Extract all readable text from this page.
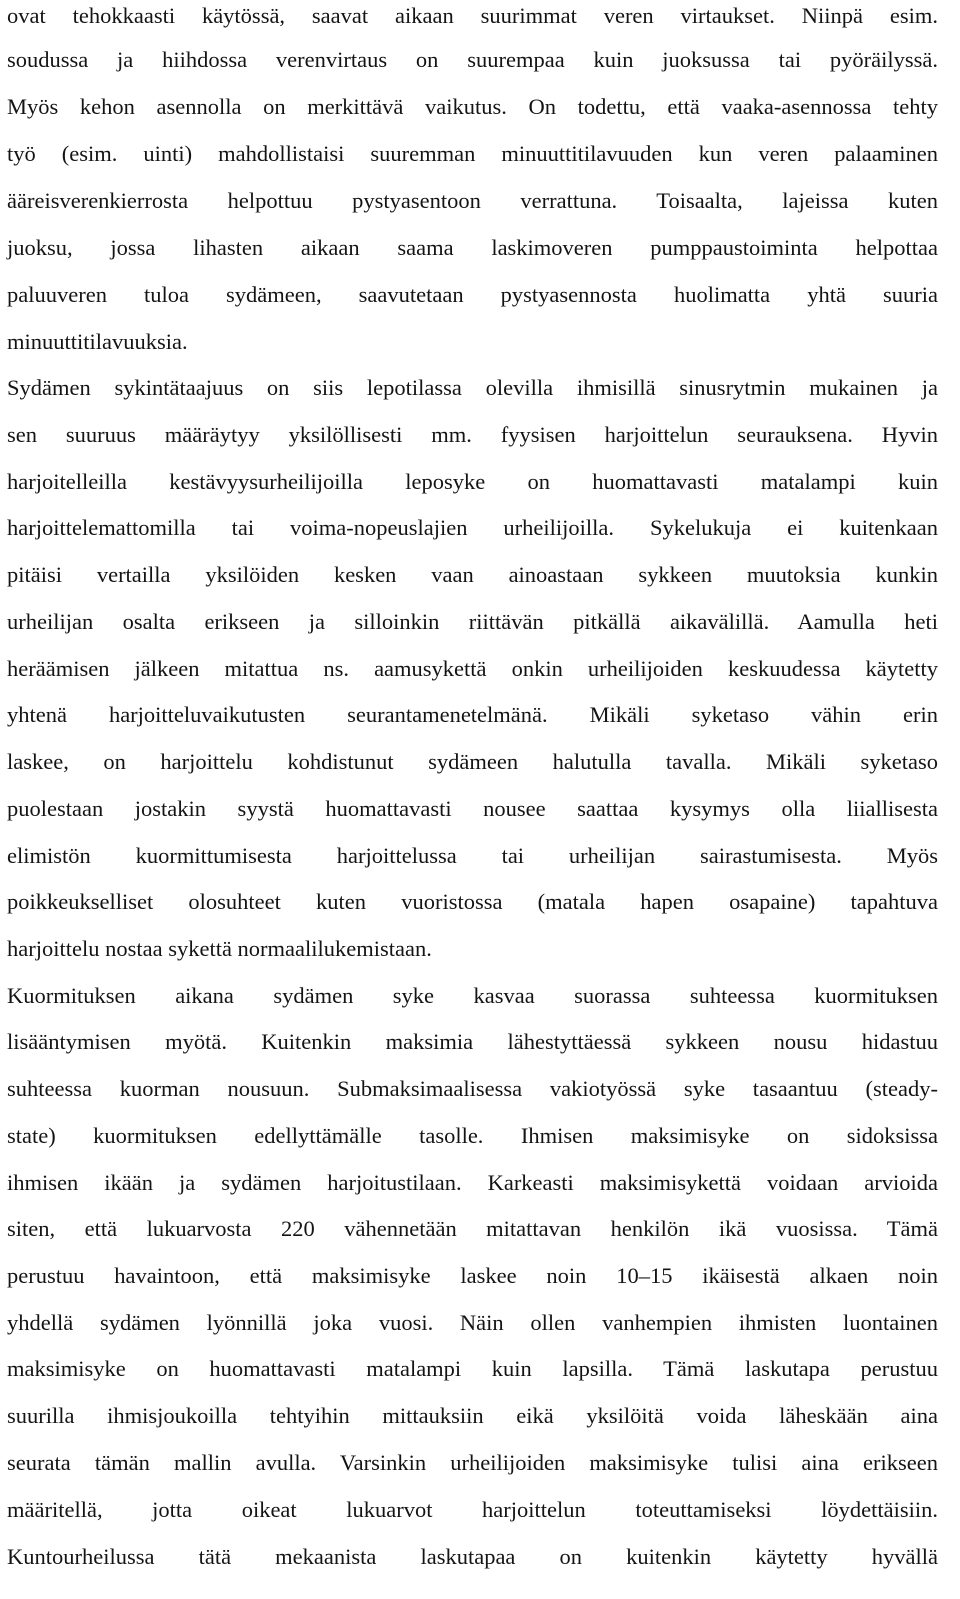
ovat tehokkaasti käytössä, saavat aikaan suurimmat veren virtaukset. Niinpä esim.
soudussa ja hiihdossa verenvirtaus on suurempaa kuin juoksussa tai pyöräilyssä.
Myös kehon asennolla on merkittävä vaikutus. On todettu, että vaaka-asennossa tehty
työ (esim. uinti) mahdollistaisi suuremman minuuttitilavuuden kun veren palaaminen
ääreisverenkierrosta helpottuu pystyasentoon verrattuna. Toisaalta, lajeissa kuten
juoksu, jossa lihasten aikaan saama laskimoveren pumppaustoiminta helpottaa
paluuveren tuloa sydämeen, saavutetaan pystyasennosta huolimatta yhtä suuria
minuuttitilavuuksia.
Sydämen sykintätaajuus on siis lepotilassa olevilla ihmisillä sinusrytmin mukainen ja
sen suuruus määräytyy yksilöllisesti mm. fyysisen harjoittelun seurauksena. Hyvin
harjoitelleilla kestävyysurheilijoilla leposyke on huomattavasti matalampi kuin
harjoittelemattomilla tai voima-nopeuslajien urheilijoilla. Sykelukuja ei kuitenkaan
pitäisi vertailla yksilöiden kesken vaan ainoastaan sykkeen muutoksia kunkin
urheilijan osalta erikseen ja silloinkin riittävän pitkällä aikavälillä. Aamulla heti
heräämisen jälkeen mitattua ns. aamusykettä onkin urheilijoiden keskuudessa käytetty
yhtenä harjoitteluvaikutusten seurantamenetelmänä. Mikäli syketaso vähin erin
laskee, on harjoittelu kohdistunut sydämeen halutulla tavalla. Mikäli syketaso
puolestaan jostakin syystä huomattavasti nousee saattaa kysymys olla liiallisesta
elimistön kuormittumisesta harjoittelussa tai urheilijan sairastumisesta. Myös
poikkeukselliset olosuhteet kuten vuoristossa (matala hapen osapaine) tapahtuva
harjoittelu nostaa sykettä normaalilukemistaan.
Kuormituksen aikana sydämen syke kasvaa suorassa suhteessa kuormituksen
lisääntymisen myötä. Kuitenkin maksimia lähestyttäessä sykkeen nousu hidastuu
suhteessa kuorman nousuun. Submaksimaalisessa vakiotyössä syke tasaantuu (steady-
state) kuormituksen edellyttämälle tasolle. Ihmisen maksimisyke on sidoksissa
ihmisen ikään ja sydämen harjoitustilaan. Karkeasti maksimisykettä voidaan arvioida
siten, että lukuarvosta 220 vähennetään mitattavan henkilön ikä vuosissa. Tämä
perustuu havaintoon, että maksimisyke laskee noin 10–15 ikäisestä alkaen noin
yhdellä sydämen lyönnillä joka vuosi. Näin ollen vanhempien ihmisten luontainen
maksimisyke on huomattavasti matalampi kuin lapsilla. Tämä laskutapa perustuu
suurilla ihmisjoukoilla tehtyihin mittauksiin eikä yksilöitä voida läheskään aina
seurata tämän mallin avulla. Varsinkin urheilijoiden maksimisyke tulisi aina erikseen
määritellä, jotta oikeat lukuarvot harjoittelun toteuttamiseksi löydettäisiin.
Kuntourheilussa tätä mekaanista laskutapaa on kuitenkin käytetty hyvällä
